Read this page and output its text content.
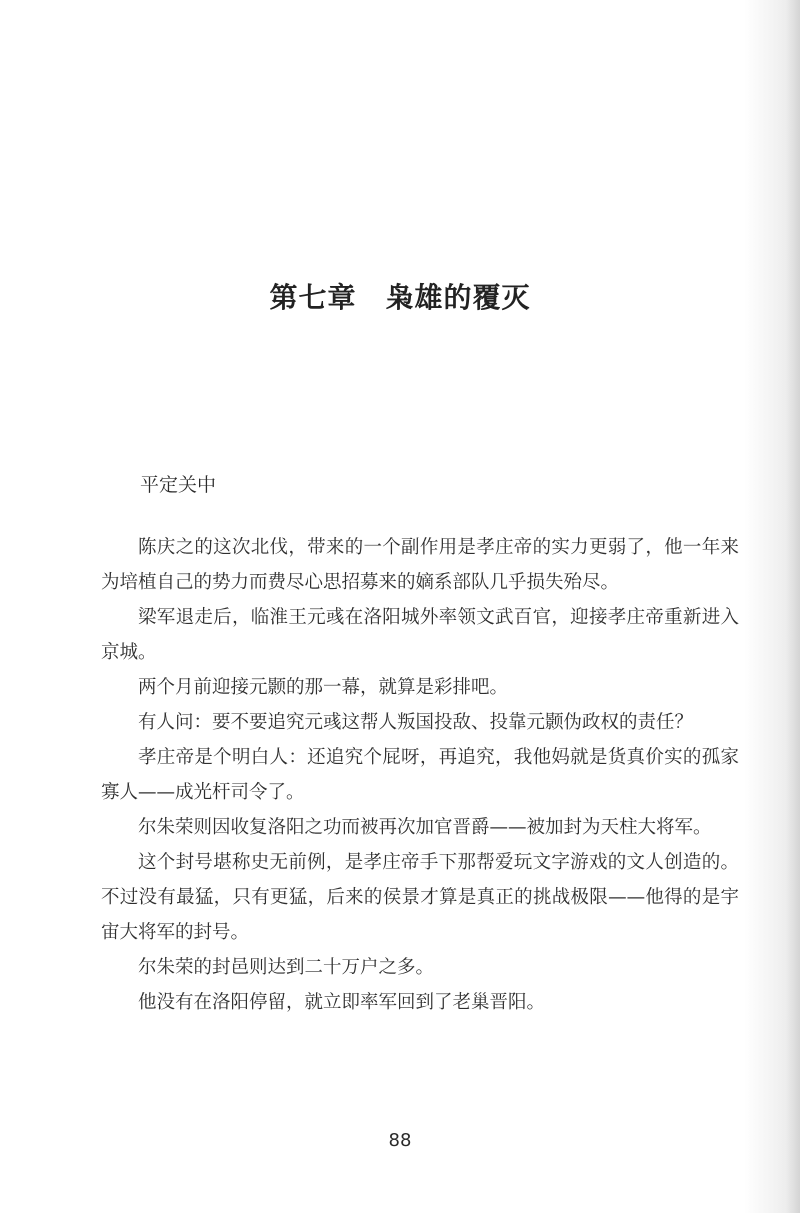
第七章　枭雄的覆灭
平定关中

陈庆之的这次北伐，带来的一个副作用是孝庄帝的实力更弱了，他一年来为培植自己的势力而费尽心思招募来的嫡系部队几乎损失殆尽。

梁军退走后，临淮王元彧在洛阳城外率领文武百官，迎接孝庄帝重新进入京城。

两个月前迎接元颢的那一幕，就算是彩排吧。

有人问：要不要追究元彧这帮人叛国投敌、投靠元颢伪政权的责任？

孝庄帝是个明白人：还追究个屁呀，再追究，我他妈就是货真价实的孤家寡人——成光杆司令了。

尔朱荣则因收复洛阳之功而被再次加官晋爵——被加封为天柱大将军。

这个封号堪称史无前例，是孝庄帝手下那帮爱玩文字游戏的文人创造的。不过没有最猛，只有更猛，后来的侯景才算是真正的挑战极限——他得的是宇宙大将军的封号。

尔朱荣的封邑则达到二十万户之多。

他没有在洛阳停留，就立即率军回到了老巢晋阳。

88
